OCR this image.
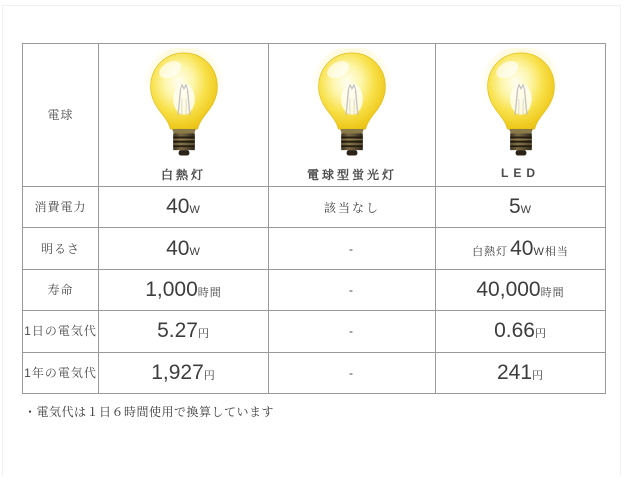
電球	白熱灯	電球型蛍光灯	LED

消費電力	40W	該当なし	5W
明るさ	40W	-	白熱灯40W相当
寿命	1,000時間	-	40,000時間
1日の電気代	5.27円	-	0.66円
1年の電気代	1,927円	-	241円
・電気代は１日６時間使用で換算しています
